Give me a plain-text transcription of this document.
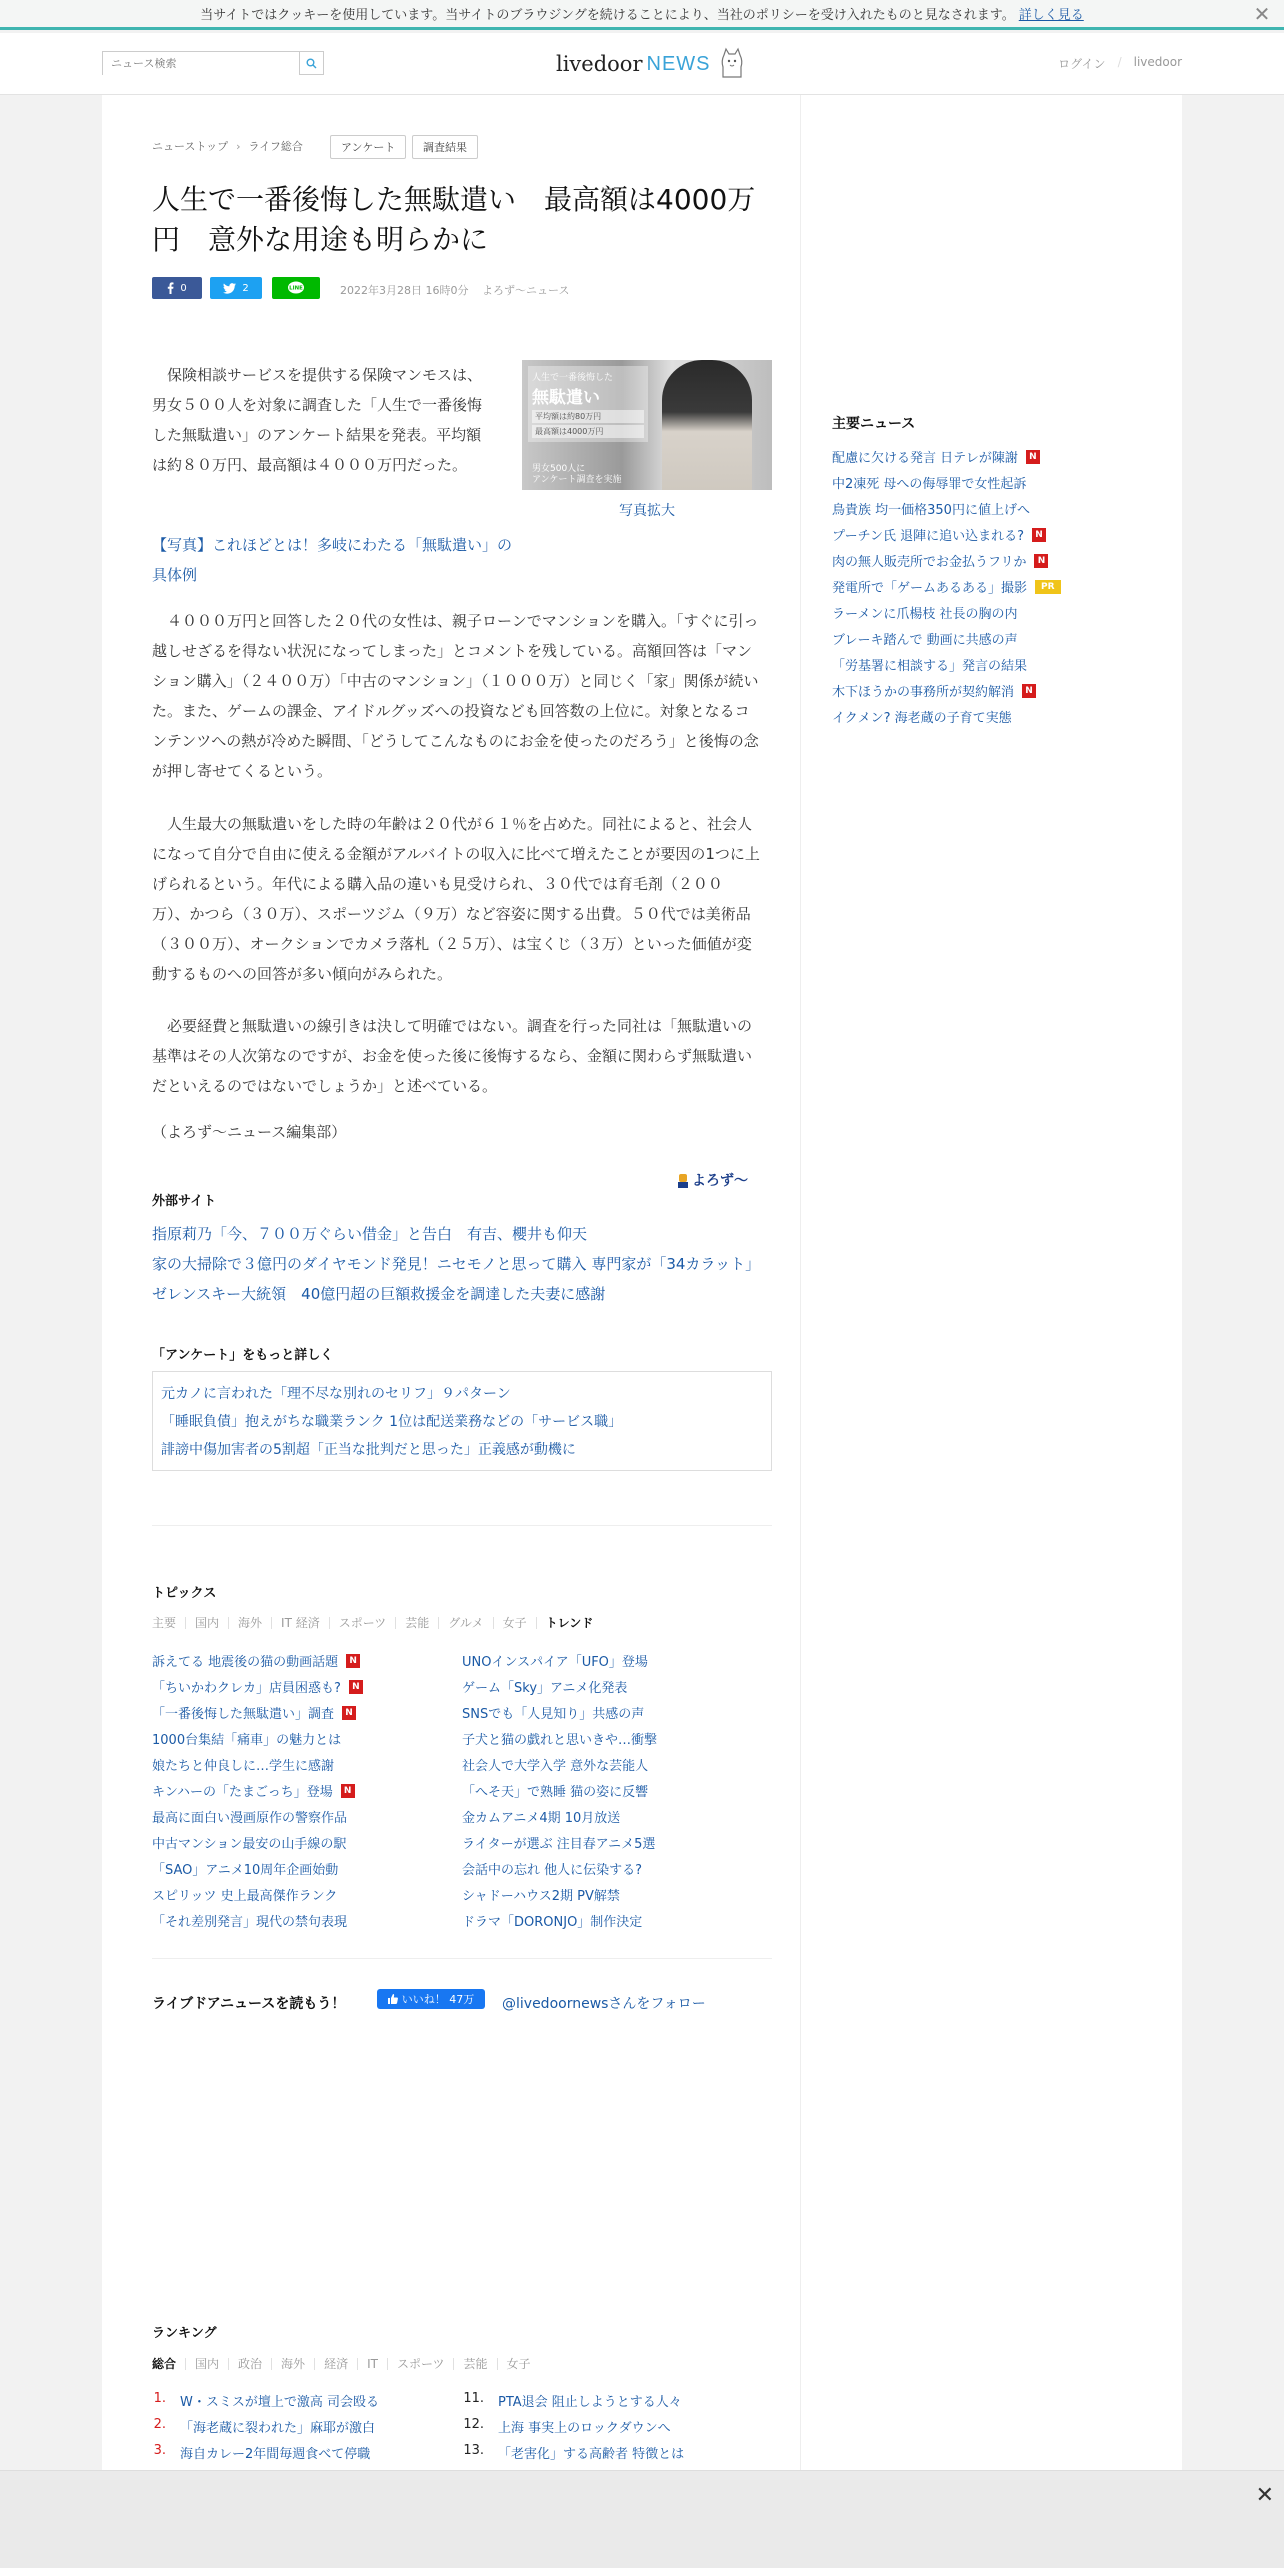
当サイトではクッキーを使用しています。当サイトのブラウジングを続けることにより、当社のポリシーを受け入れたものと見なされます。 詳しく見る	✕
ニュース検索
livedoor NEWS	ログイン / livedoor
ニューストップ › ライフ総合	アンケート	調査結果
人生で一番後悔した無駄遣い　最高額は4000万円　意外な用途も明らかに
0	2	LINE	2022年3月28日 16時0分 よろず～ニュース

　保険相談サービスを提供する保険マンモスは、男女５００人を対象に調査した「人生で一番後悔した無駄遣い」のアンケート結果を発表。平均額は約８０万円、最高額は４０００万円だった。

　４０００万円と回答した２０代の女性は、親子ローンでマンションを購入。「すぐに引っ越しせざるを得ない状況になってしまった」とコメントを残している。高額回答は「マンション購入」（２４００万）「中古のマンション」（１０００万）と同じく「家」関係が続いた。また、ゲームの課金、アイドルグッズへの投資なども回答数の上位に。対象となるコンテンツへの熱が冷めた瞬間、「どうしてこんなものにお金を使ったのだろう」と後悔の念が押し寄せてくるという。

　人生最大の無駄遣いをした時の年齢は２０代が６１％を占めた。同社によると、社会人になって自分で自由に使える金額がアルバイトの収入に比べて増えたことが要因の1つに上げられるという。年代による購入品の違いも見受けられ、３０代では育毛剤（２００万）、かつら（３０万）、スポーツジム（９万）など容姿に関する出費。５０代では美術品（３００万）、オークションでカメラ落札（２５万）、は宝くじ（３万）といった価値が変動するものへの回答が多い傾向がみられた。

　必要経費と無駄遣いの線引きは決して明確ではない。調査を行った同社は「無駄遣いの基準はその人次第なのですが、お金を使った後に後悔するなら、金額に関わらず無駄遣いだといえるのではないでしょうか」と述べている。

人生で一番後悔した
無駄遣い
平均額は約80万円
最高額は4000万円
男女500人に
アンケート調査を実施
写真拡大
【写真】これほどとは！多岐にわたる「無駄遣い」の具体例
（よろず～ニュース編集部）
外部サイト
よろず～
指原莉乃「今、７００万ぐらい借金」と告白　有吉、櫻井も仰天
家の大掃除で３億円のダイヤモンド発見！ニセモノと思って購入 専門家が「34カラット」
ゼレンスキー大統領　40億円超の巨額救援金を調達した夫妻に感謝
「アンケート」をもっと詳しく
元カノに言われた「理不尽な別れのセリフ」９パターン
「睡眠負債」抱えがちな職業ランク 1位は配送業務などの「サービス職」
誹謗中傷加害者の5割超「正当な批判だと思った」正義感が動機に
トピックス
主要	国内	海外	IT 経済	スポーツ	芸能	グルメ	女子	トレンド
訴えてる 地震後の猫の動画話題	N
「ちいかわクレカ」店員困惑も?	N
「一番後悔した無駄遣い」調査	N
1000台集結「痛車」の魅力とは
娘たちと仲良しに…学生に感謝
キンハーの「たまごっち」登場	N
最高に面白い漫画原作の警察作品
中古マンション最安の山手線の駅
「SAO」アニメ10周年企画始動
スピリッツ 史上最高傑作ランク
「それ差別発言」現代の禁句表現
UNOインスパイア「UFO」登場
ゲーム「Sky」アニメ化発表
SNSでも「人見知り」共感の声
子犬と猫の戯れと思いきや…衝撃
社会人で大学入学 意外な芸能人
「へそ天」で熟睡 猫の姿に反響
金カムアニメ4期 10月放送
ライターが選ぶ 注目春アニメ5選
会話中の忘れ 他人に伝染する?
シャドーハウス2期 PV解禁
ドラマ「DORONJO」制作決定
ライブドアニュースを読もう！	いいね！ 47万 @livedoornewsさんをフォロー
ランキング
総合	国内	政治	海外	経済	IT	スポーツ	芸能	女子
1. W・スミスが壇上で激高 司会殴る
2. 「海老蔵に裂われた」麻耶が激白
3. 海自カレー2年間毎週食べて停職
11. PTA退会 阻止しようとする人々
12. 上海 事実上のロックダウンへ
13. 「老害化」する高齢者 特徴とは
主要ニュース
配慮に欠ける発言 日テレが陳謝	N
中2凍死 母への侮辱罪で女性起訴
鳥貴族 均一価格350円に値上げへ
プーチン氏 退陣に追い込まれる?	N
肉の無人販売所でお金払うフリか	N
発電所で「ゲームあるある」撮影	PR
ラーメンに爪楊枝 社長の胸の内
ブレーキ踏んで 動画に共感の声
「労基署に相談する」発言の結果
木下ほうかの事務所が契約解消	N
イクメン? 海老蔵の子育て実態
✕
